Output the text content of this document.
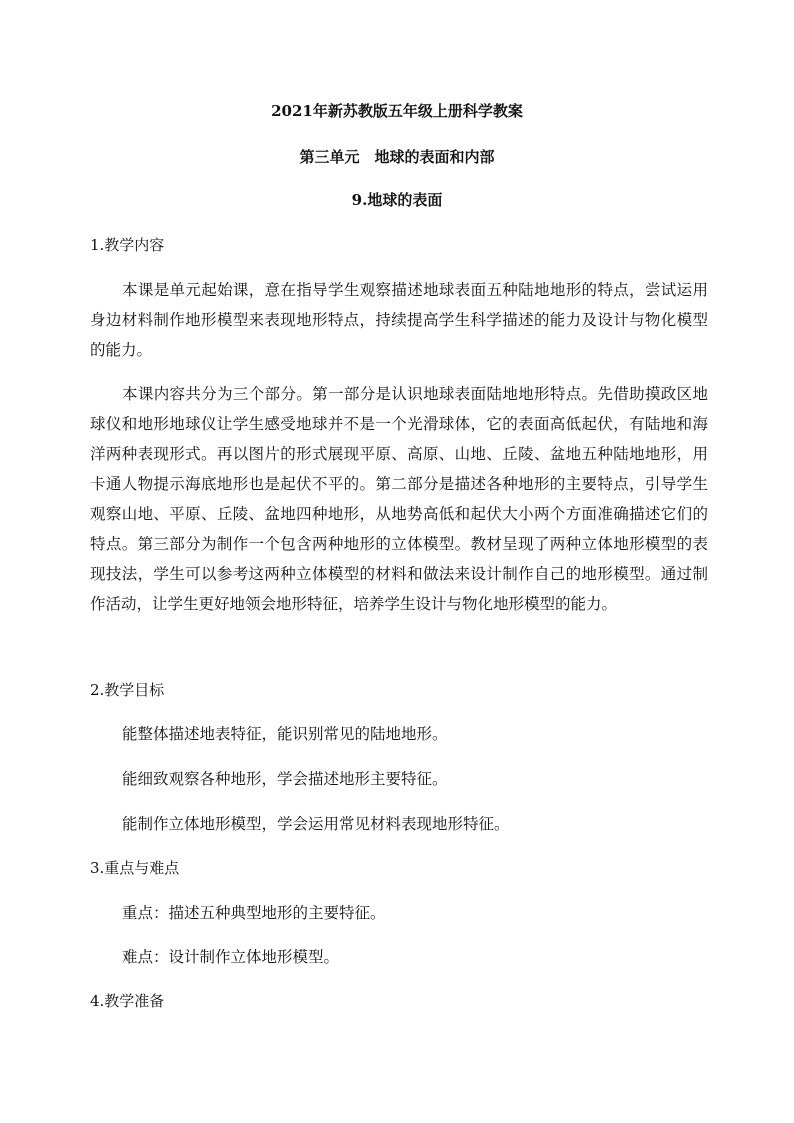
2021年新苏教版五年级上册科学教案
第三单元　地球的表面和内部
9.地球的表面
1.教学内容

本课是单元起始课，意在指导学生观察描述地球表面五种陆地地形的特点，尝试运用身边材料制作地形模型来表现地形特点，持续提高学生科学描述的能力及设计与物化模型的能力。

本课内容共分为三个部分。第一部分是认识地球表面陆地地形特点。先借助摸政区地球仪和地形地球仪让学生感受地球并不是一个光滑球体，它的表面高低起伏，有陆地和海洋两种表现形式。再以图片的形式展现平原、高原、山地、丘陵、盆地五种陆地地形，用卡通人物提示海底地形也是起伏不平的。第二部分是描述各种地形的主要特点，引导学生观察山地、平原、丘陵、盆地四种地形，从地势高低和起伏大小两个方面准确描述它们的特点。第三部分为制作一个包含两种地形的立体模型。教材呈现了两种立体地形模型的表现技法，学生可以参考这两种立体模型的材料和做法来设计制作自己的地形模型。通过制作活动，让学生更好地领会地形特征，培养学生设计与物化地形模型的能力。

2.教学目标
能整体描述地表特征，能识别常见的陆地地形。
能细致观察各种地形，学会描述地形主要特征。
能制作立体地形模型，学会运用常见材料表现地形特征。
3.重点与难点
重点：描述五种典型地形的主要特征。
难点：设计制作立体地形模型。
4.教学准备
